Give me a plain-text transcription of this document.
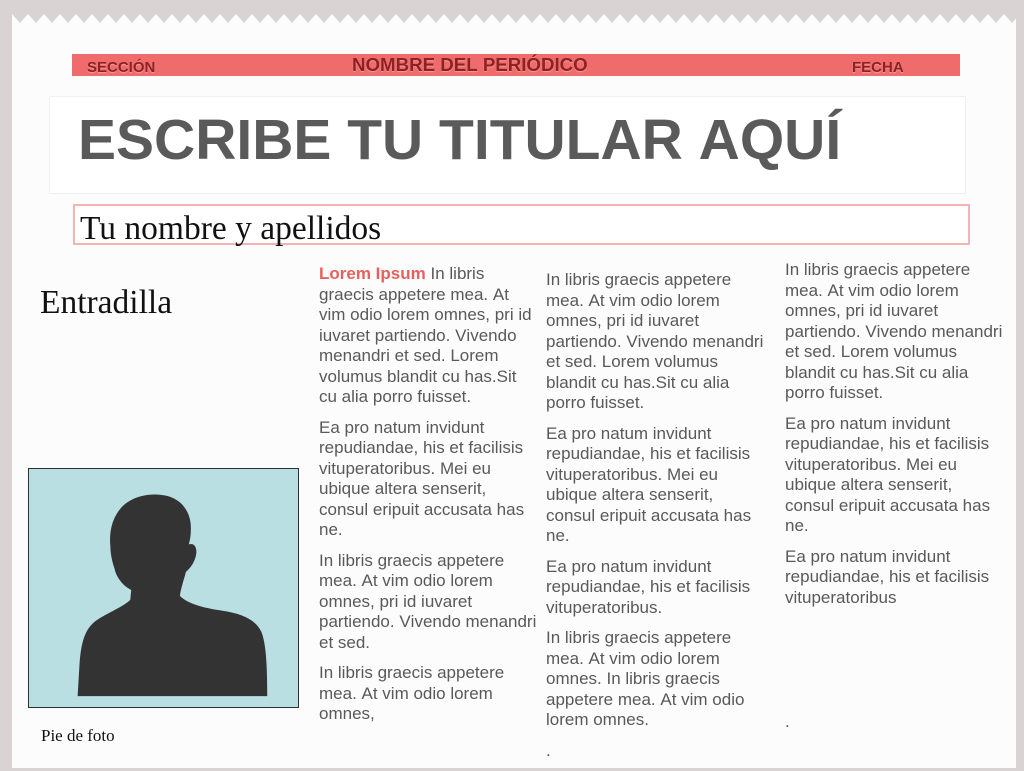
SECCIÓN	NOMBRE DEL PERIÓDICO	FECHA
ESCRIBE TU TITULAR AQUÍ
Tu nombre y apellidos
Entradilla
Pie de foto

Lorem Ipsum In libris graecis appetere mea. At vim odio lorem omnes, pri id iuvaret partiendo. Vivendo menandri et sed. Lorem volumus blandit cu has.Sit cu alia porro fuisset.

Ea pro natum invidunt repudiandae, his et facilisis vituperatoribus. Mei eu ubique altera senserit, consul eripuit accusata has ne.

In libris graecis appetere mea. At vim odio lorem omnes, pri id iuvaret partiendo. Vivendo menandri et sed.

In libris graecis appetere mea. At vim odio lorem omnes,

In libris graecis appetere mea. At vim odio lorem omnes, pri id iuvaret partiendo. Vivendo menandri et sed. Lorem volumus blandit cu has.Sit cu alia porro fuisset.

Ea pro natum invidunt repudiandae, his et facilisis vituperatoribus. Mei eu ubique altera senserit, consul eripuit accusata has ne.

Ea pro natum invidunt repudiandae, his et facilisis vituperatoribus.

In libris graecis appetere mea. At vim odio lorem omnes. In libris graecis appetere mea. At vim odio lorem omnes.

.

In libris graecis appetere mea. At vim odio lorem omnes, pri id iuvaret partiendo. Vivendo menandri et sed. Lorem volumus blandit cu has.Sit cu alia porro fuisset.

Ea pro natum invidunt repudiandae, his et facilisis vituperatoribus. Mei eu ubique altera senserit, consul eripuit accusata has ne.

Ea pro natum invidunt repudiandae, his et facilisis vituperatoribus

.
